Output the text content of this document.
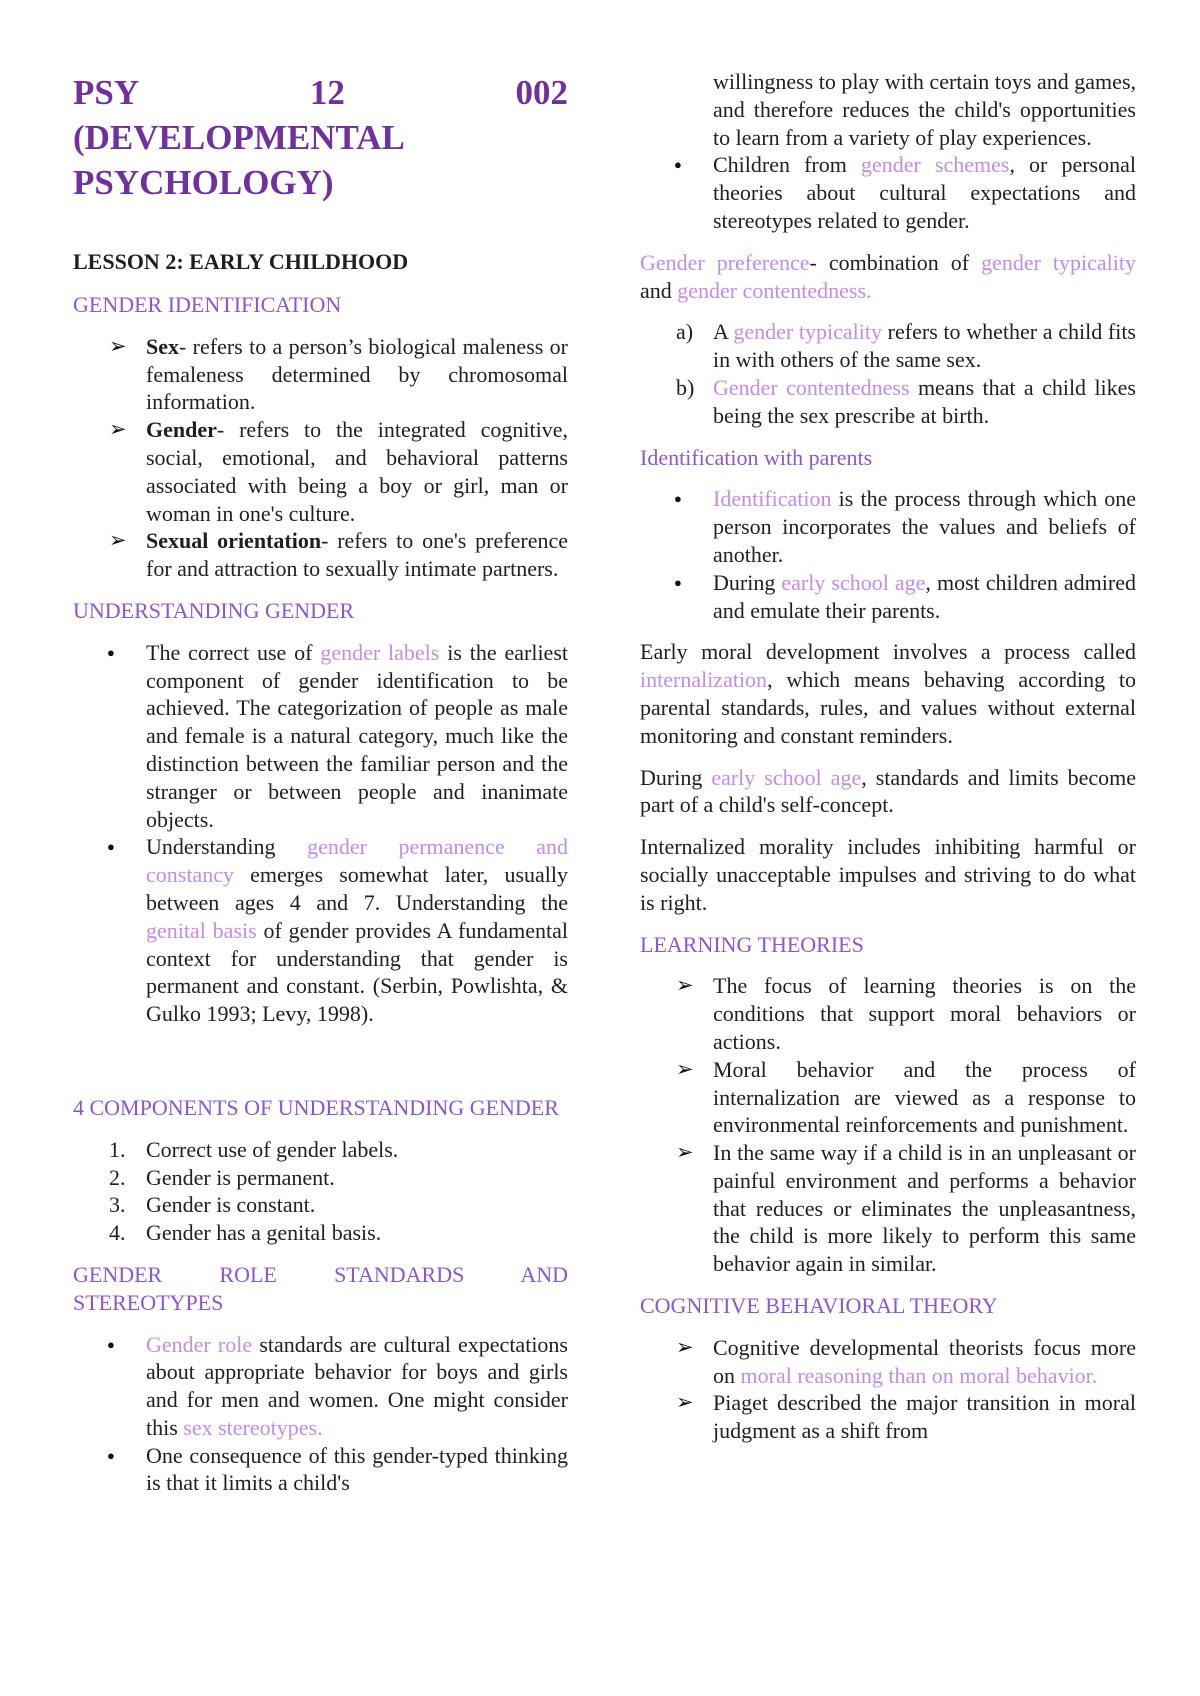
PSY	12	002
(DEVELOPMENTAL
PSYCHOLOGY)
LESSON 2: EARLY CHILDHOOD
GENDER IDENTIFICATION
➢ Sex- refers to a person’s biological maleness or femaleness determined by chromosomal information.
➢ Gender- refers to the integrated cognitive, social, emotional, and behavioral patterns associated with being a boy or girl, man or woman in one's culture.
➢ Sexual orientation- refers to one's preference for and attraction to sexually intimate partners.
UNDERSTANDING GENDER
● The correct use of gender labels is the earliest component of gender identification to be achieved. The categorization of people as male and female is a natural category, much like the distinction between the familiar person and the stranger or between people and inanimate objects.
● Understanding gender permanence and constancy emerges somewhat later, usually between ages 4 and 7. Understanding the genital basis of gender provides A fundamental context for understanding that gender is permanent and constant. (Serbin, Powlishta, & Gulko 1993; Levy, 1998).
4 COMPONENTS OF UNDERSTANDING GENDER
1. Correct use of gender labels.
2. Gender is permanent.
3. Gender is constant.
4. Gender has a genital basis.
GENDER ROLE STANDARDS AND STEREOTYPES
● Gender role standards are cultural expectations about appropriate behavior for boys and girls and for men and women. One might consider this sex stereotypes.
● One consequence of this gender-typed thinking is that it limits a child's
willingness to play with certain toys and games, and therefore reduces the child's opportunities to learn from a variety of play experiences.
● Children from gender schemes, or personal theories about cultural expectations and stereotypes related to gender.

Gender preference- combination of gender typicality and gender contentedness.

a) A gender typicality refers to whether a child fits in with others of the same sex.
b) Gender contentedness means that a child likes being the sex prescribe at birth.
Identification with parents
● Identification is the process through which one person incorporates the values and beliefs of another.
● During early school age, most children admired and emulate their parents.

Early moral development involves a process called internalization, which means behaving according to parental standards, rules, and values without external monitoring and constant reminders.

During early school age, standards and limits become part of a child's self-concept.

Internalized morality includes inhibiting harmful or socially unacceptable impulses and striving to do what is right.

LEARNING THEORIES
➢ The focus of learning theories is on the conditions that support moral behaviors or actions.
➢ Moral behavior and the process of internalization are viewed as a response to environmental reinforcements and punishment.
➢ In the same way if a child is in an unpleasant or painful environment and performs a behavior that reduces or eliminates the unpleasantness, the child is more likely to perform this same behavior again in similar.
COGNITIVE BEHAVIORAL THEORY
➢ Cognitive developmental theorists focus more on moral reasoning than on moral behavior.
➢ Piaget described the major transition in moral judgment as a shift from
